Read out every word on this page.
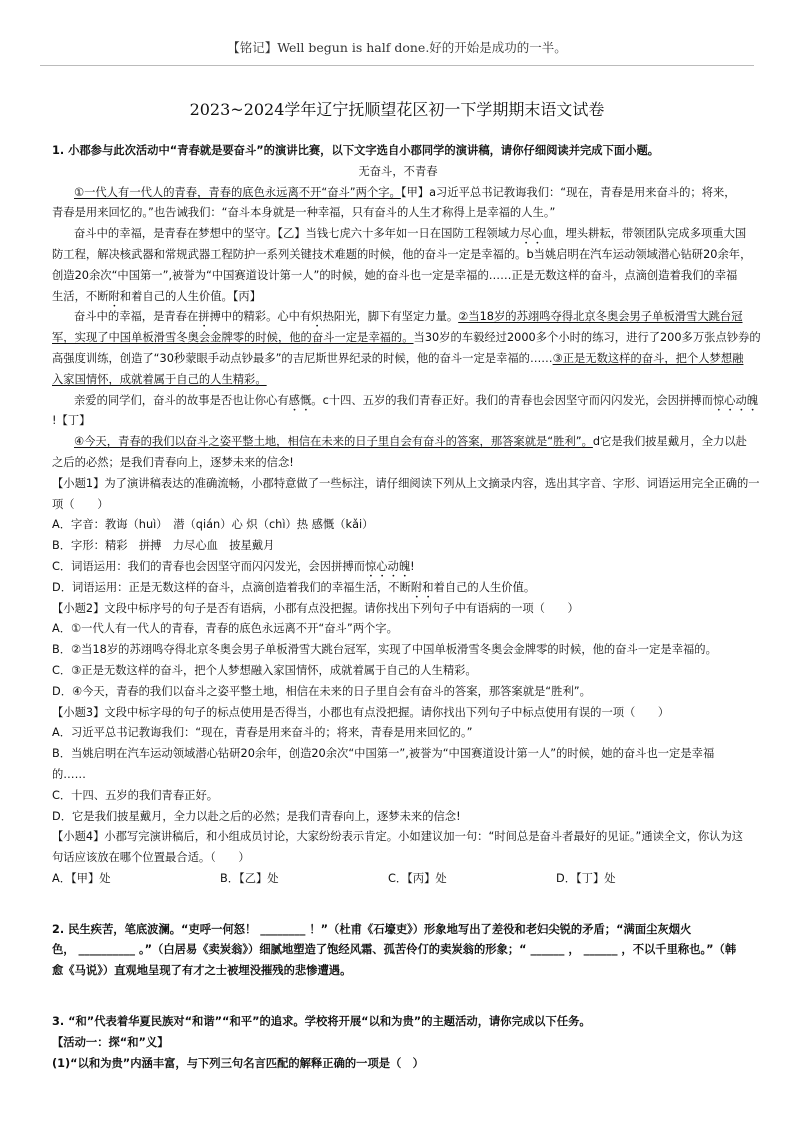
【铭记】Well begun is half done.好的开始是成功的一半。
2023~2024学年辽宁抚顺望花区初一下学期期末语文试卷
1. 小郡参与此次活动中“青春就是要奋斗”的演讲比赛，以下文字选自小郡同学的演讲稿，请你仔细阅读并完成下面小题。
无奋斗，不青春
①一代人有一代人的青春，青春的底色永远离不开“奋斗”两个字。【甲】a习近平总书记教诲我们：“现在，青春是用来奋斗的；将来，
青春是用来回忆的。”也告诫我们：“奋斗本身就是一种幸福，只有奋斗的人生才称得上是幸福的人生。”
奋斗中的幸福，是青春在梦想中的坚守。【乙】当钱七虎六十多年如一日在国防工程领域力尽心血，埋头耕耘，带领团队完成多项重大国
防工程，解决核武器和常规武器工程防护一系列关键技术难题的时候，他的奋斗一定是幸福的。b当姚启明在汽车运动领域潜心钻研20余年，
创造20余次“中国第一”,被誉为“中国赛道设计第一人”的时候，她的奋斗也一定是幸福的……正是无数这样的奋斗，点滴创造着我们的幸福
生活，不断附和着自己的人生价值。【丙】
奋斗中的幸福，是青春在拼搏中的精彩。心中有炽热阳光，脚下有坚定力量。②当18岁的苏翊鸣夺得北京冬奥会男子单板滑雪大跳台冠
军，实现了中国单板滑雪冬奥会金牌零的时候，他的奋斗一定是幸福的。当30岁的车毅经过2000多个小时的练习，进行了200多万张点钞券的
高强度训练，创造了“30秒蒙眼手动点钞最多”的吉尼斯世界纪录的时候，他的奋斗一定是幸福的……③正是无数这样的奋斗，把个人梦想融
入家国情怀，成就着属于自己的人生精彩。
亲爱的同学们，奋斗的故事是否也让你心有感慨。c十四、五岁的我们青春正好。我们的青春也会因坚守而闪闪发光，会因拼搏而惊心动魄
!【丁】
④今天，青春的我们以奋斗之姿平整土地，相信在未来的日子里自会有奋斗的答案，那答案就是“胜利”。d它是我们披星戴月，全力以赴
之后的必然；是我们青春向上，逐梦未来的信念!
【小题1】为了演讲稿表达的准确流畅，小郡特意做了一些标注，请仔细阅读下列从上文摘录内容，选出其字音、字形、词语运用完全正确的一
项（　　）
A．字音：教诲（huì）　潜（qián）心 炽（chì）热 感慨（kǎi）
B．字形：精彩　拼搏　力尽心血　披星戴月
C．词语运用：我们的青春也会因坚守而闪闪发光，会因拼搏而惊心动魄!
D．词语运用：正是无数这样的奋斗，点滴创造着我们的幸福生活，不断附和着自己的人生价值。
【小题2】文段中标序号的句子是否有语病，小郡有点没把握。请你找出下列句子中有语病的一项（　　）
A．①一代人有一代人的青春，青春的底色永远离不开“奋斗”两个字。
B．②当18岁的苏翊鸣夺得北京冬奥会男子单板滑雪大跳台冠军，实现了中国单板滑雪冬奥会金牌零的时候，他的奋斗一定是幸福的。
C．③正是无数这样的奋斗，把个人梦想融入家国情怀，成就着属于自己的人生精彩。
D．④今天，青春的我们以奋斗之姿平整土地，相信在未来的日子里自会有奋斗的答案，那答案就是“胜利”。
【小题3】文段中标字母的句子的标点使用是否得当，小郡也有点没把握。请你找出下列句子中标点使用有误的一项（　　）
A．习近平总书记教诲我们：“现在，青春是用来奋斗的；将来，青春是用来回忆的。”
B．当姚启明在汽车运动领域潜心钻研20余年，创造20余次“中国第一”,被誉为“中国赛道设计第一人”的时候，她的奋斗也一定是幸福
的……
C．十四、五岁的我们青春正好。
D．它是我们披星戴月，全力以赴之后的必然；是我们青春向上，逐梦未来的信念!
【小题4】小郡写完演讲稿后，和小组成员讨论，大家纷纷表示肯定。小如建议加一句：“时间总是奋斗者最好的见证。”通读全文，你认为这
句话应该放在哪个位置最合适。（　　）
A．【甲】处	B．【乙】处	C．【丙】处	D．【丁】处
2. 民生疾苦，笔底波澜。“吏呼一何怒！ ________ ！”（杜甫《石壕吏》）形象地写出了差役和老妇尖锐的矛盾；“满面尘灰烟火
色， __________ 。”（白居易《卖炭翁》）细腻地塑造了饱经风霜、孤苦伶仃的卖炭翁的形象；“ ______ ， ______ ，不以千里称也。”（韩
愈《马说》）直观地呈现了有才之士被埋没摧残的悲惨遭遇。
3. “和”代表着华夏民族对“和谐”“和平”的追求。学校将开展“以和为贵”的主题活动，请你完成以下任务。
【活动一：探“和”义】
(1)“以和为贵”内涵丰富，与下列三句名言匹配的解释正确的一项是（　）
